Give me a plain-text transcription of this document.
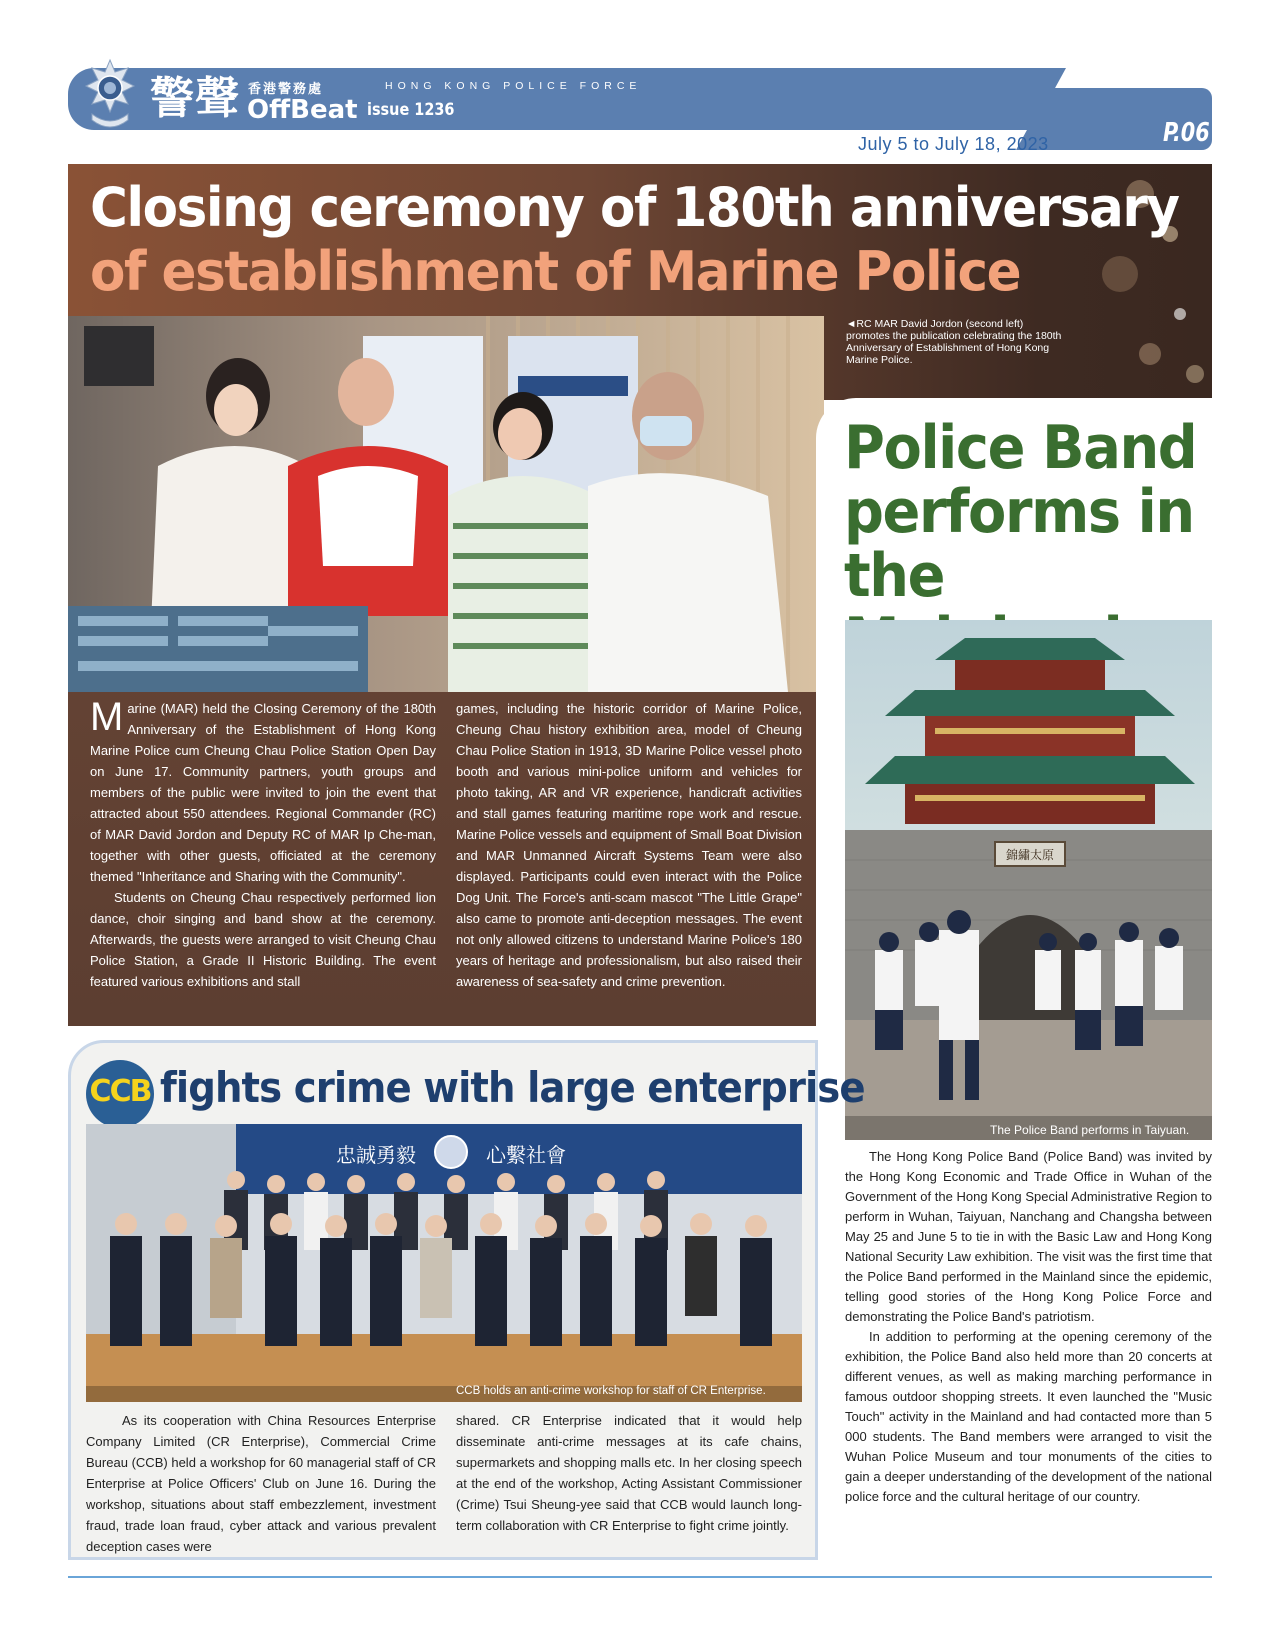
警聲 香港警務處
OffBeat issue 1236
HONG KONG POLICE FORCE
July 5 to July 18, 2023	P.06
Closing ceremony of 180th anniversary
of establishment of Marine Police
◄RC MAR David Jordon (second left) promotes the publication celebrating the 180th Anniversary of Establishment of Hong Kong Marine Police.

Marine (MAR) held the Closing Ceremony of the 180th Anniversary of the Establishment of Hong Kong Marine Police cum Cheung Chau Police Station Open Day on June 17. Community partners, youth groups and members of the public were invited to join the event that attracted about 550 attendees. Regional Commander (RC) of MAR David Jordon and Deputy RC of MAR Ip Che-man, together with other guests, officiated at the ceremony themed "Inheritance and Sharing with the Community".

Students on Cheung Chau respectively performed lion dance, choir singing and band show at the ceremony. Afterwards, the guests were arranged to visit Cheung Chau Police Station, a Grade II Historic Building. The event featured various exhibitions and stall

games, including the historic corridor of Marine Police, Cheung Chau history exhibition area, model of Cheung Chau Police Station in 1913, 3D Marine Police vessel photo booth and various mini-police uniform and vehicles for photo taking, AR and VR experience, handicraft activities and stall games featuring maritime rope work and rescue. Marine Police vessels and equipment of Small Boat Division and MAR Unmanned Aircraft Systems Team were also displayed. Participants could even interact with the Police Dog Unit. The Force's anti-scam mascot "The Little Grape" also came to promote anti-deception messages. The event not only allowed citizens to understand Marine Police's 180 years of heritage and professionalism, but also raised their awareness of sea-safety and crime prevention.

Police Band performs in the
錦繡太原
The Police Band performs in Taiyuan.

The Hong Kong Police Band (Police Band) was invited by the Hong Kong Economic and Trade Office in Wuhan of the Government of the Hong Kong Special Administrative Region to perform in Wuhan, Taiyuan, Nanchang and Changsha between May 25 and June 5 to tie in with the Basic Law and Hong Kong National Security Law exhibition. The visit was the first time that the Police Band performed in the Mainland since the epidemic, telling good stories of the Hong Kong Police Force and demonstrating the Police Band's patriotism.

In addition to performing at the opening ceremony of the exhibition, the Police Band also held more than 20 concerts at different venues, as well as making marching performance in famous outdoor shopping streets. It even launched the "Music Touch" activity in the Mainland and had contacted more than 5 000 students. The Band members were arranged to visit the Wuhan Police Museum and tour monuments of the cities to gain a deeper understanding of the development of the national police force and the cultural heritage of our country.

CCB fights crime with large enterprise
忠誠勇毅	心繫社會
CCB holds an anti-crime workshop for staff of CR Enterprise.

As its cooperation with China Resources Enterprise Company Limited (CR Enterprise), Commercial Crime Bureau (CCB) held a workshop for 60 managerial staff of CR Enterprise at Police Officers' Club on June 16. During the workshop, situations about staff embezzlement, investment fraud, trade loan fraud, cyber attack and various prevalent deception cases were

shared. CR Enterprise indicated that it would help disseminate anti-crime messages at its cafe chains, supermarkets and shopping malls etc. In her closing speech at the end of the workshop, Acting Assistant Commissioner (Crime) Tsui Sheung-yee said that CCB would launch long-term collaboration with CR Enterprise to fight crime jointly.
